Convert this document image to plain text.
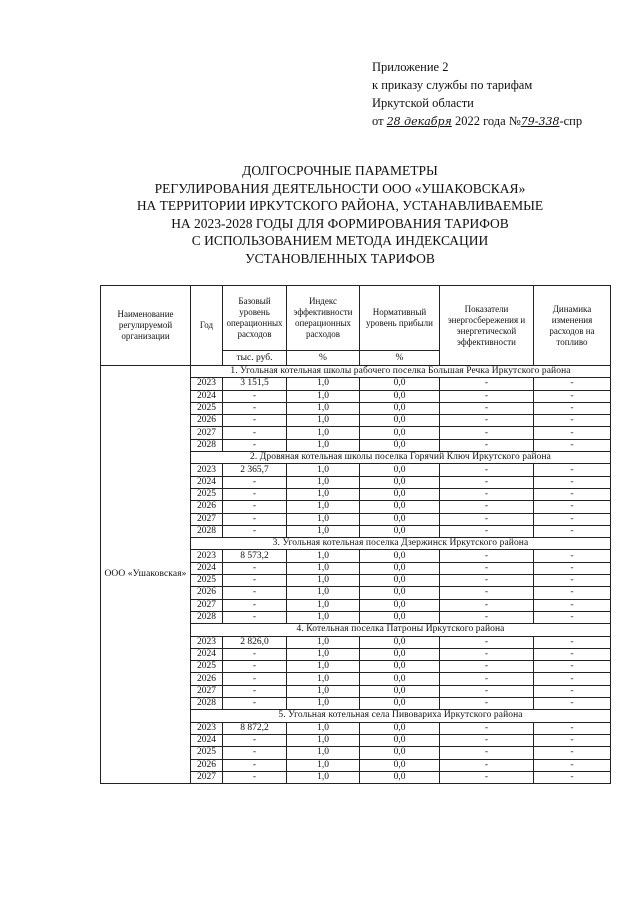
Приложение 2
к приказу службы по тарифам
Иркутской области
от 28 декабря 2022 года №79-338-спр
ДОЛГОСРОЧНЫЕ ПАРАМЕТРЫ
РЕГУЛИРОВАНИЯ ДЕЯТЕЛЬНОСТИ ООО «УШАКОВСКАЯ»
НА ТЕРРИТОРИИ ИРКУТСКОГО РАЙОНА, УСТАНАВЛИВАЕМЫЕ
НА 2023-2028 ГОДЫ ДЛЯ ФОРМИРОВАНИЯ ТАРИФОВ
С ИСПОЛЬЗОВАНИЕМ МЕТОДА ИНДЕКСАЦИИ
УСТАНОВЛЕННЫХ ТАРИФОВ
Наименование регулируемой организации	Год	Базовый уровень операционных расходов	Индекс эффективности операционных расходов	Нормативный уровень прибыли	Показатели энергосбережения и энергетической эффективности	Динамика изменения расходов на топливо
		тыс. руб.	%	%		
ООО «Ушаковская»	1. Угольная котельная школы рабочего поселка Большая Речка Иркутского района					
	2023	3 151,5	1,0	0,0	-	-
	2024	-	1,0	0,0	-	-
	2025	-	1,0	0,0	-	-
	2026	-	1,0	0,0	-	-
	2027	-	1,0	0,0	-	-
	2028	-	1,0	0,0	-	-
	2. Дровяная котельная школы поселка Горячий Ключ Иркутского района					
	2023	2 365,7	1,0	0,0	-	-
	2024	-	1,0	0,0	-	-
	2025	-	1,0	0,0	-	-
	2026	-	1,0	0,0	-	-
	2027	-	1,0	0,0	-	-
	2028	-	1,0	0,0	-	-
	3. Угольная котельная поселка Дзержинск Иркутского района					
	2023	8 573,2	1,0	0,0	-	-
	2024	-	1,0	0,0	-	-
	2025	-	1,0	0,0	-	-
	2026	-	1,0	0,0	-	-
	2027	-	1,0	0,0	-	-
	2028	-	1,0	0,0	-	-
	4. Котельная поселка Патроны Иркутского района					
	2023	2 826,0	1,0	0,0	-	-
	2024	-	1,0	0,0	-	-
	2025	-	1,0	0,0	-	-
	2026	-	1,0	0,0	-	-
	2027	-	1,0	0,0	-	-
	2028	-	1,0	0,0	-	-
	5. Угольная котельная села Пивовариха Иркутского района					
	2023	8 872,2	1,0	0,0	-	-
	2024	-	1,0	0,0	-	-
	2025	-	1,0	0,0	-	-
	2026	-	1,0	0,0	-	-
	2027	-	1,0	0,0	-	-
